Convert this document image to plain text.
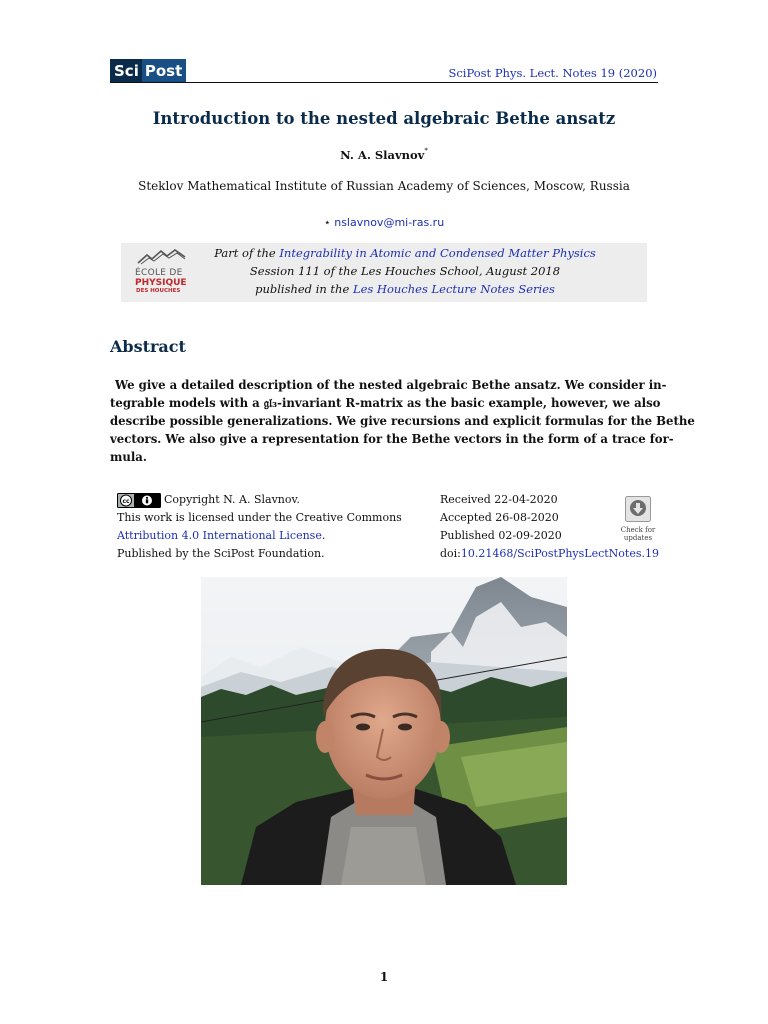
Sci Post	SciPost Phys. Lect. Notes 19 (2020)
Introduction to the nested algebraic Bethe ansatz
N. A. Slavnov*
Steklov Mathematical Institute of Russian Academy of Sciences, Moscow, Russia
⋆ nslavnov@mi-ras.ru
ÉCOLE DE
PHYSIQUE
DES HOUCHES
Part of the Integrability in Atomic and Condensed Matter Physics
Session 111 of the Les Houches School, August 2018
published in the Les Houches Lecture Notes Series
Abstract
We give a detailed description of the nested algebraic Bethe ansatz. We consider in-
tegrable models with a 𝔤𝔩₃-invariant R-matrix as the basic example, however, we also
describe possible generalizations. We give recursions and explicit formulas for the Bethe
vectors. We also give a representation for the Bethe vectors in the form of a trace for-
mula.
cc	Copyright N. A. Slavnov.
This work is licensed under the Creative Commons
Attribution 4.0 International License.
Published by the SciPost Foundation.
Received 22-04-2020
Accepted 26-08-2020
Published 02-09-2020
doi:10.21468/SciPostPhysLectNotes.19
Check for
updates
1
